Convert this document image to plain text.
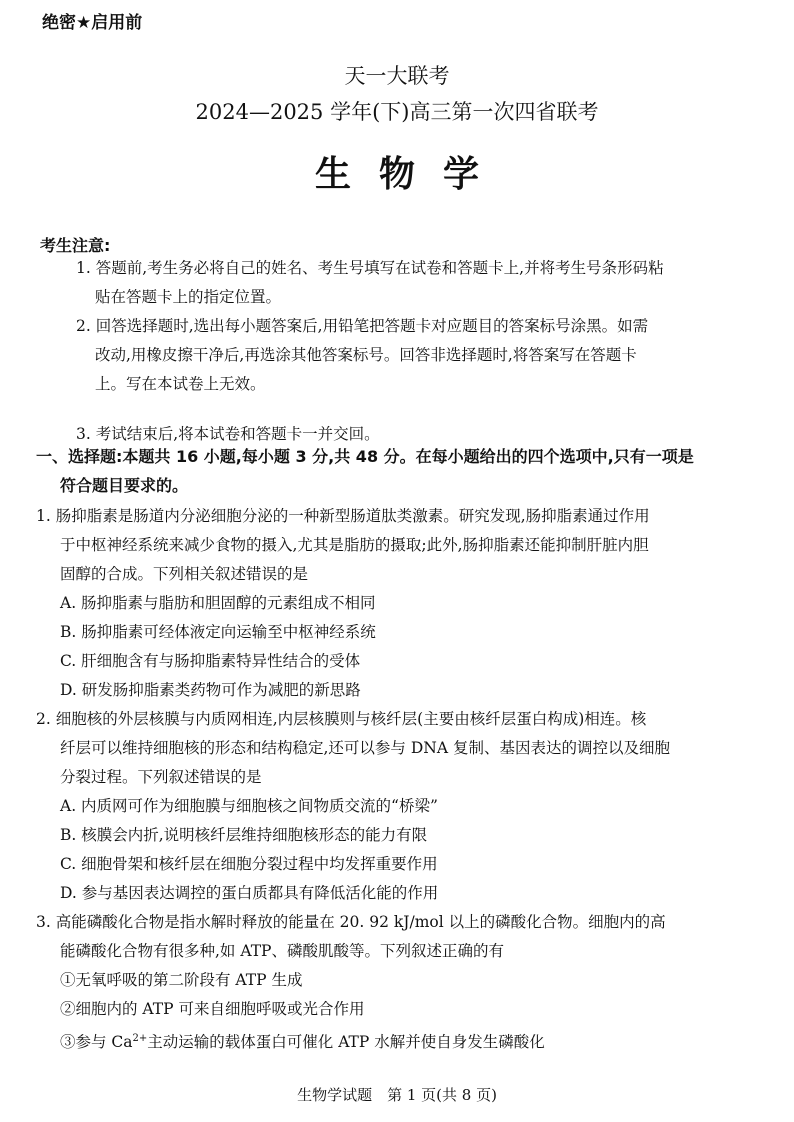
绝密★启用前
天一大联考
2024—2025 学年(下)高三第一次四省联考
生物学
考生注意:
1. 答题前,考生务必将自己的姓名、考生号填写在试卷和答题卡上,并将考生号条形码粘
贴在答题卡上的指定位置。
2. 回答选择题时,选出每小题答案后,用铅笔把答题卡对应题目的答案标号涂黑。如需
改动,用橡皮擦干净后,再选涂其他答案标号。回答非选择题时,将答案写在答题卡
上。写在本试卷上无效。
3. 考试结束后,将本试卷和答题卡一并交回。
一、选择题:本题共 16 小题,每小题 3 分,共 48 分。在每小题给出的四个选项中,只有一项是
符合题目要求的。
1. 肠抑脂素是肠道内分泌细胞分泌的一种新型肠道肽类激素。研究发现,肠抑脂素通过作用
于中枢神经系统来减少食物的摄入,尤其是脂肪的摄取;此外,肠抑脂素还能抑制肝脏内胆
固醇的合成。下列相关叙述错误的是
A. 肠抑脂素与脂肪和胆固醇的元素组成不相同
B. 肠抑脂素可经体液定向运输至中枢神经系统
C. 肝细胞含有与肠抑脂素特异性结合的受体
D. 研发肠抑脂素类药物可作为减肥的新思路
2. 细胞核的外层核膜与内质网相连,内层核膜则与核纤层(主要由核纤层蛋白构成)相连。核
纤层可以维持细胞核的形态和结构稳定,还可以参与 DNA 复制、基因表达的调控以及细胞
分裂过程。下列叙述错误的是
A. 内质网可作为细胞膜与细胞核之间物质交流的“桥梁”
B. 核膜会内折,说明核纤层维持细胞核形态的能力有限
C. 细胞骨架和核纤层在细胞分裂过程中均发挥重要作用
D. 参与基因表达调控的蛋白质都具有降低活化能的作用
3. 高能磷酸化合物是指水解时释放的能量在 20. 92 kJ/mol 以上的磷酸化合物。细胞内的高
能磷酸化合物有很多种,如 ATP、磷酸肌酸等。下列叙述正确的有
①无氧呼吸的第二阶段有 ATP 生成
②细胞内的 ATP 可来自细胞呼吸或光合作用
③参与 $Ca^{2+}$主动运输的载体蛋白可催化 ATP 水解并使自身发生磷酸化
生物学试题　第 1 页(共 8 页)
